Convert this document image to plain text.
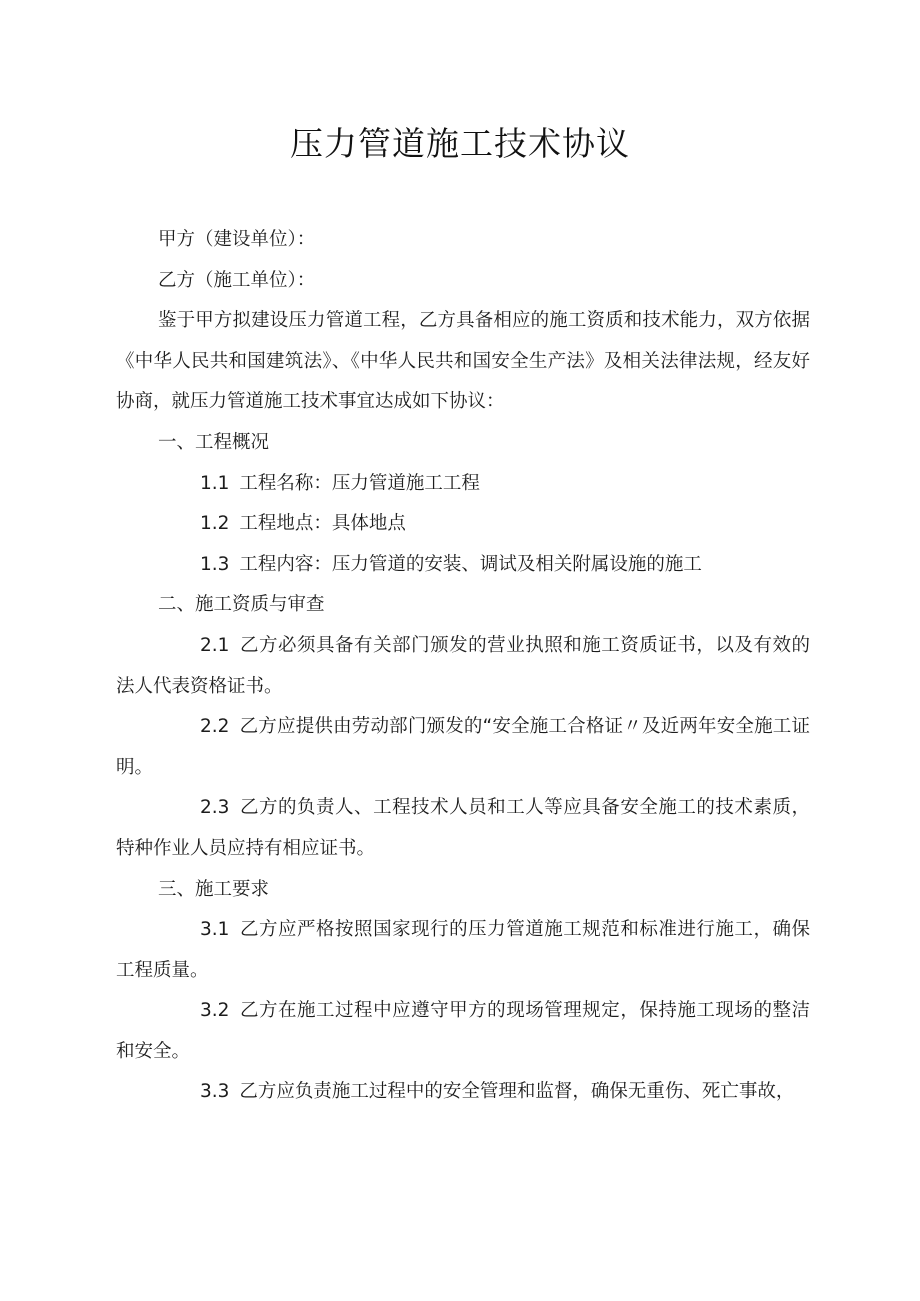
压力管道施工技术协议

甲方（建设单位）：

乙方（施工单位）：

鉴于甲方拟建设压力管道工程，乙方具备相应的施工资质和技术能力，双方依据《中华人民共和国建筑法》、《中华人民共和国安全生产法》及相关法律法规，经友好协商，就压力管道施工技术事宜达成如下协议：

一、工程概况

1.1 工程名称：压力管道施工工程

1.2 工程地点：具体地点

1.3 工程内容：压力管道的安装、调试及相关附属设施的施工

二、施工资质与审查

2.1 乙方必须具备有关部门颁发的营业执照和施工资质证书，以及有效的法人代表资格证书。

2.2 乙方应提供由劳动部门颁发的“安全施工合格证〃及近两年安全施工证明。

2.3 乙方的负责人、工程技术人员和工人等应具备安全施工的技术素质，特种作业人员应持有相应证书。

三、施工要求

3.1 乙方应严格按照国家现行的压力管道施工规范和标准进行施工，确保工程质量。

3.2 乙方在施工过程中应遵守甲方的现场管理规定，保持施工现场的整洁和安全。

3.3 乙方应负责施工过程中的安全管理和监督，确保无重伤、死亡事故，
